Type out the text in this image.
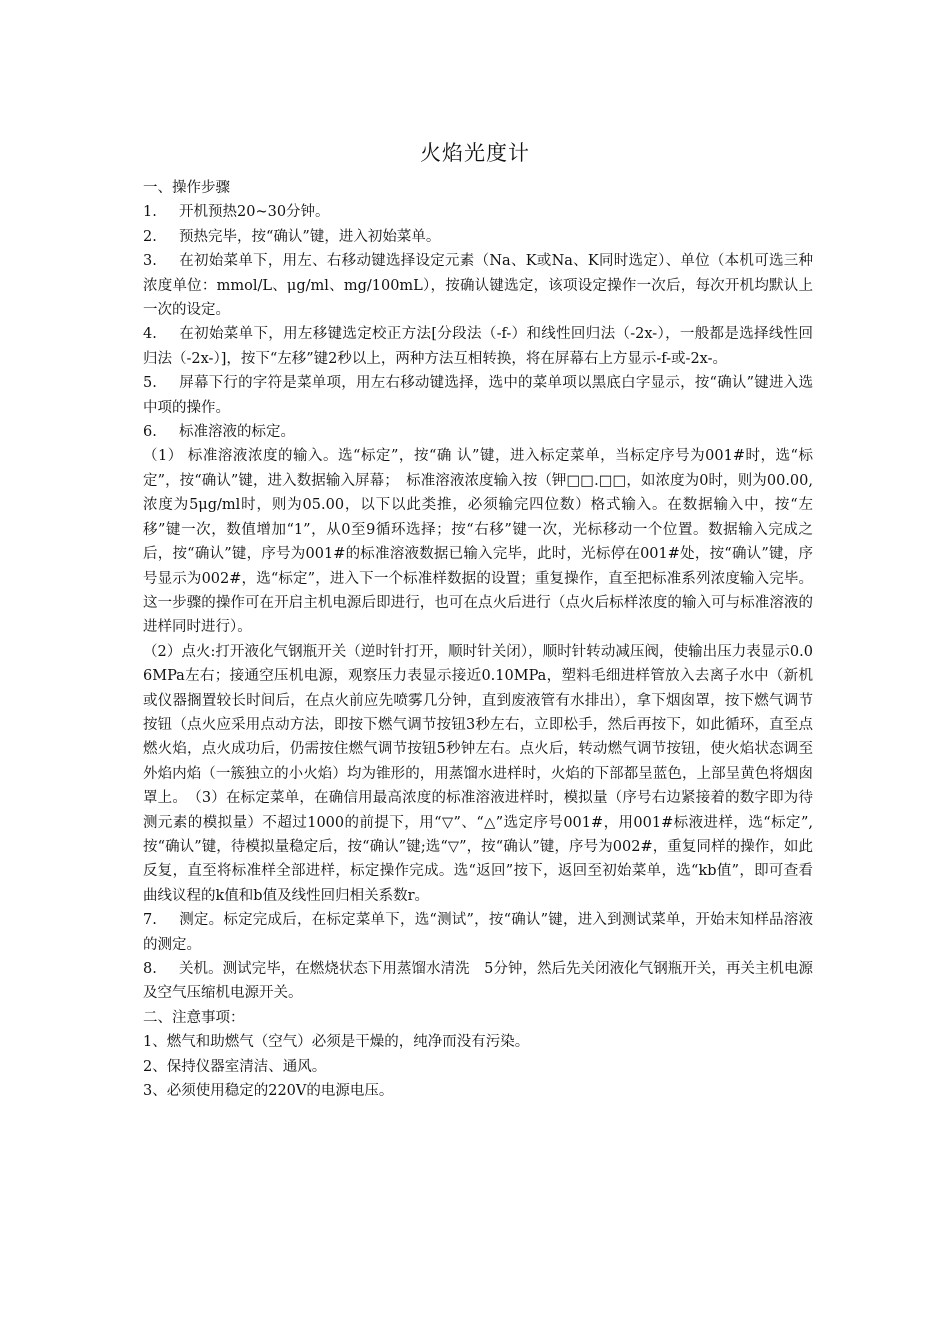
火焰光度计

一、操作步骤

1. 开机预热20~30分钟。

2. 预热完毕，按“确认”键，进入初始菜单。

3. 在初始菜单下，用左、右移动键选择设定元素（Na、K或Na、K同时选定）、单位（本机可选三种浓度单位：mmol/L、μg/ml、mg/100mL），按确认键选定，该项设定操作一次后，每次开机均默认上一次的设定。

4. 在初始菜单下，用左移键选定校正方法[分段法（-f-）和线性回归法（-2x-），一般都是选择线性回归法（-2x-）]，按下“左移”键2秒以上，两种方法互相转换，将在屏幕右上方显示-f-或-2x-。

5. 屏幕下行的字符是菜单项，用左右移动键选择，选中的菜单项以黑底白字显示，按“确认”键进入选中项的操作。

6. 标准溶液的标定。

（1） 标准溶液浓度的输入。选“标定”，按“确 认”键，进入标定菜单，当标定序号为001#时，选“标定”，按“确认”键，进入数据输入屏幕；　标准溶液浓度输入按（钾□□.□□，如浓度为0时，则为00.00,浓度为5μg/ml时，则为05.00，以下以此类推，必须输完四位数）格式输入。在数据输入中，按“左移”键一次，数值增加“1”，从0至9循环选择；按“右移”键一次，光标移动一个位置。数据输入完成之后，按“确认”键，序号为001#的标准溶液数据已输入完毕，此时，光标停在001#处，按“确认”键，序号显示为002#，选“标定”，进入下一个标准样数据的设置；重复操作，直至把标准系列浓度输入完毕。这一步骤的操作可在开启主机电源后即进行，也可在点火后进行（点火后标样浓度的输入可与标准溶液的进样同时进行）。

（2）点火:打开液化气钢瓶开关（逆时针打开，顺时针关闭），顺时针转动减压阀，使输出压力表显示0.06MPa左右；接通空压机电源，观察压力表显示接近0.10MPa，塑料毛细进样管放入去离子水中（新机或仪器搁置较长时间后，在点火前应先喷雾几分钟，直到废液管有水排出），拿下烟囱罩，按下燃气调节按钮（点火应采用点动方法，即按下燃气调节按钮3秒左右，立即松手，然后再按下，如此循环，直至点燃火焰，点火成功后，仍需按住燃气调节按钮5秒钟左右。点火后，转动燃气调节按钮，使火焰状态调至外焰内焰（一簇独立的小火焰）均为锥形的，用蒸馏水进样时，火焰的下部都呈蓝色，上部呈黄色将烟囱罩上。　（3）在标定菜单，在确信用最高浓度的标准溶液进样时，模拟量（序号右边紧接着的数字即为待测元素的模拟量）不超过1000的前提下，用“▽”、“△”选定序号001#，用001#标液进样，选“标定”,按“确认”键，待模拟量稳定后，按“确认”键;选“▽”，按“确认”键，序号为002#，重复同样的操作，如此反复，直至将标准样全部进样，标定操作完成。选“返回”按下，返回至初始菜单，选“kb值”，即可查看曲线议程的k值和b值及线性回归相关系数r。

7. 测定。标定完成后，在标定菜单下，选“测试”，按“确认”键，进入到测试菜单，开始末知样品溶液的测定。

8. 关机。测试完毕，在燃烧状态下用蒸馏水清洗　5分钟，然后先关闭液化气钢瓶开关，再关主机电源及空气压缩机电源开关。

二、注意事项：

1、燃气和助燃气（空气）必须是干燥的，纯净而没有污染。

2、保持仪器室清洁、通风。

3、必须使用稳定的220V的电源电压。
